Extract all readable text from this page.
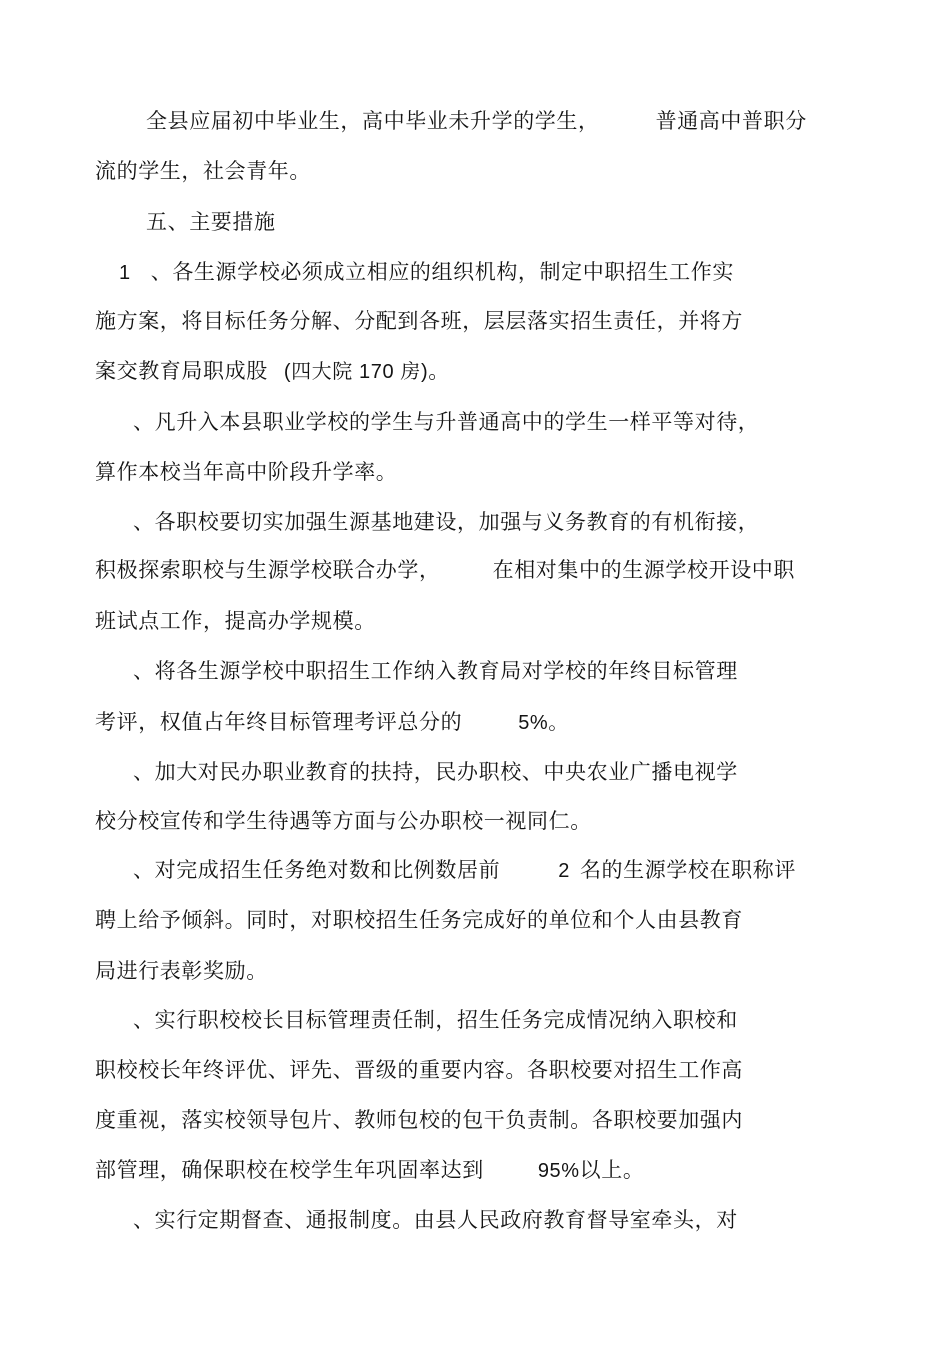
全县应届初中毕业生，高中毕业未升学的学生，	普通高中普职分
流的学生，社会青年。
五、主要措施
1 、各生源学校必须成立相应的组织机构，制定中职招生工作实
施方案，将目标任务分解、分配到各班，层层落实招生责任，并将方
案交教育局职成股 (四大院 170 房)。
、凡升入本县职业学校的学生与升普通高中的学生一样平等对待，
算作本校当年高中阶段升学率。
、各职校要切实加强生源基地建设，加强与义务教育的有机衔接，
积极探索职校与生源学校联合办学， 在相对集中的生源学校开设中职
班试点工作，提高办学规模。
、将各生源学校中职招生工作纳入教育局对学校的年终目标管理
考评，权值占年终目标管理考评总分的	5%。
、加大对民办职业教育的扶持，民办职校、中央农业广播电视学
校分校宣传和学生待遇等方面与公办职校一视同仁。
、对完成招生任务绝对数和比例数居前	2 名的生源学校在职称评
聘上给予倾斜。同时，对职校招生任务完成好的单位和个人由县教育
局进行表彰奖励。
、实行职校校长目标管理责任制，招生任务完成情况纳入职校和
职校校长年终评优、评先、晋级的重要内容。各职校要对招生工作高
度重视，落实校领导包片、教师包校的包干负责制。各职校要加强内
部管理，确保职校在校学生年巩固率达到	95%以上。
、实行定期督查、通报制度。由县人民政府教育督导室牵头，对
